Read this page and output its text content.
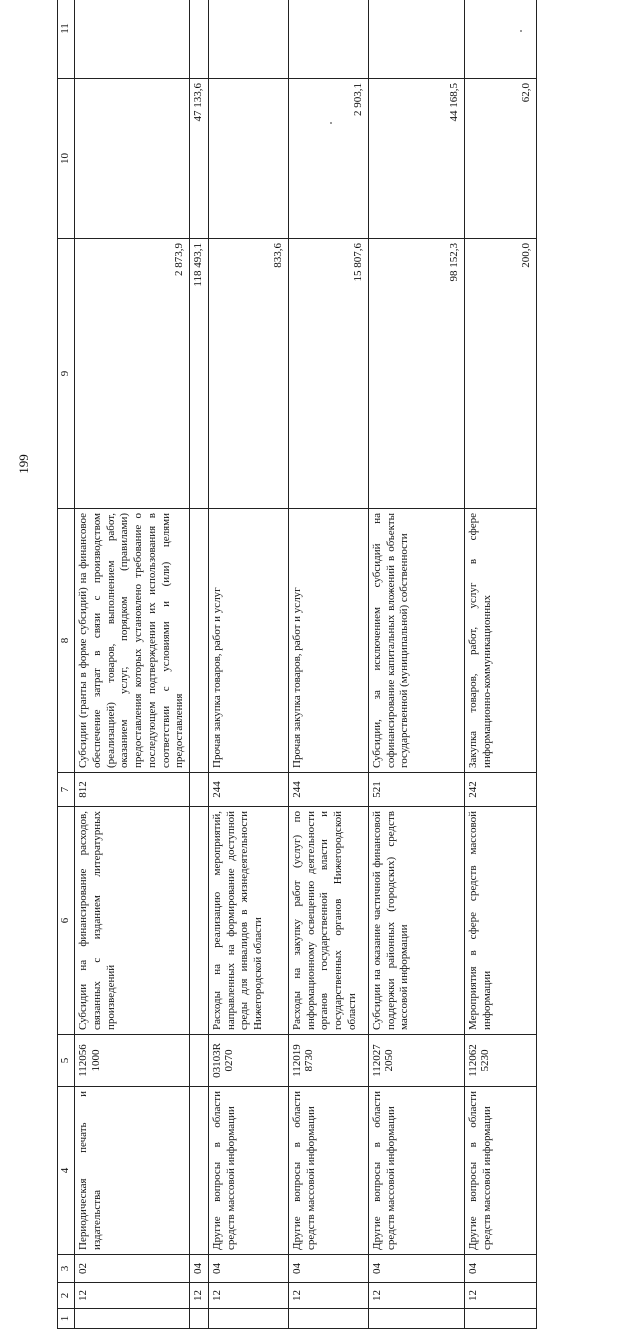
199
1	2	3	4	5	6	7	8	9	10	11
	12	02	Периодическая печать и издательства	112056 1000	Субсидии на финансирование расходов, связанных с изданием литературных произведений	812	Субсидии (гранты в форме субсидий) на финансовое обеспечение затрат в связи с производством (реализацией) товаров, выполнением работ, оказанием услуг, порядком (правилами) предоставления которых установлено требование о последующем подтверждении их использования в соответствии с условиями и (или) целями предоставления	2 873,9		
	12	04						118 493,1	47 133,6	
	12	04	Другие вопросы в области средств массовой информации	03103R 0270	Расходы на реализацию мероприятий, направленных на формирование доступной среды для инвалидов в жизнедеятельности Нижегородской области	244	Прочая закупка товаров, работ и услуг	833,6		
	12	04	Другие вопросы в области средств массовой информации	112019 8730	Расходы на закупку работ (услуг) по информационному освещению деятельности органов государственной власти и государственных органов Нижегородской области	244	Прочая закупка товаров, работ и услуг	15 807,6	2 903,1	
	12	04	Другие вопросы в области средств массовой информации	112027 2050	Субсидии на оказание частичной финансовой поддержки районных (городских) средств массовой информации	521	Субсидии, за исключением субсидий на софинансирование капитальных вложений в объекты государственной (муниципальной) собственности	98 152,3	44 168,5	
	12	04	Другие вопросы в области средств массовой информации	112062 5230	Мероприятия в сфере средств массовой информации	242	Закупка товаров, работ, услуг в сфере информационно-коммуникационных	200,0	62,0	
